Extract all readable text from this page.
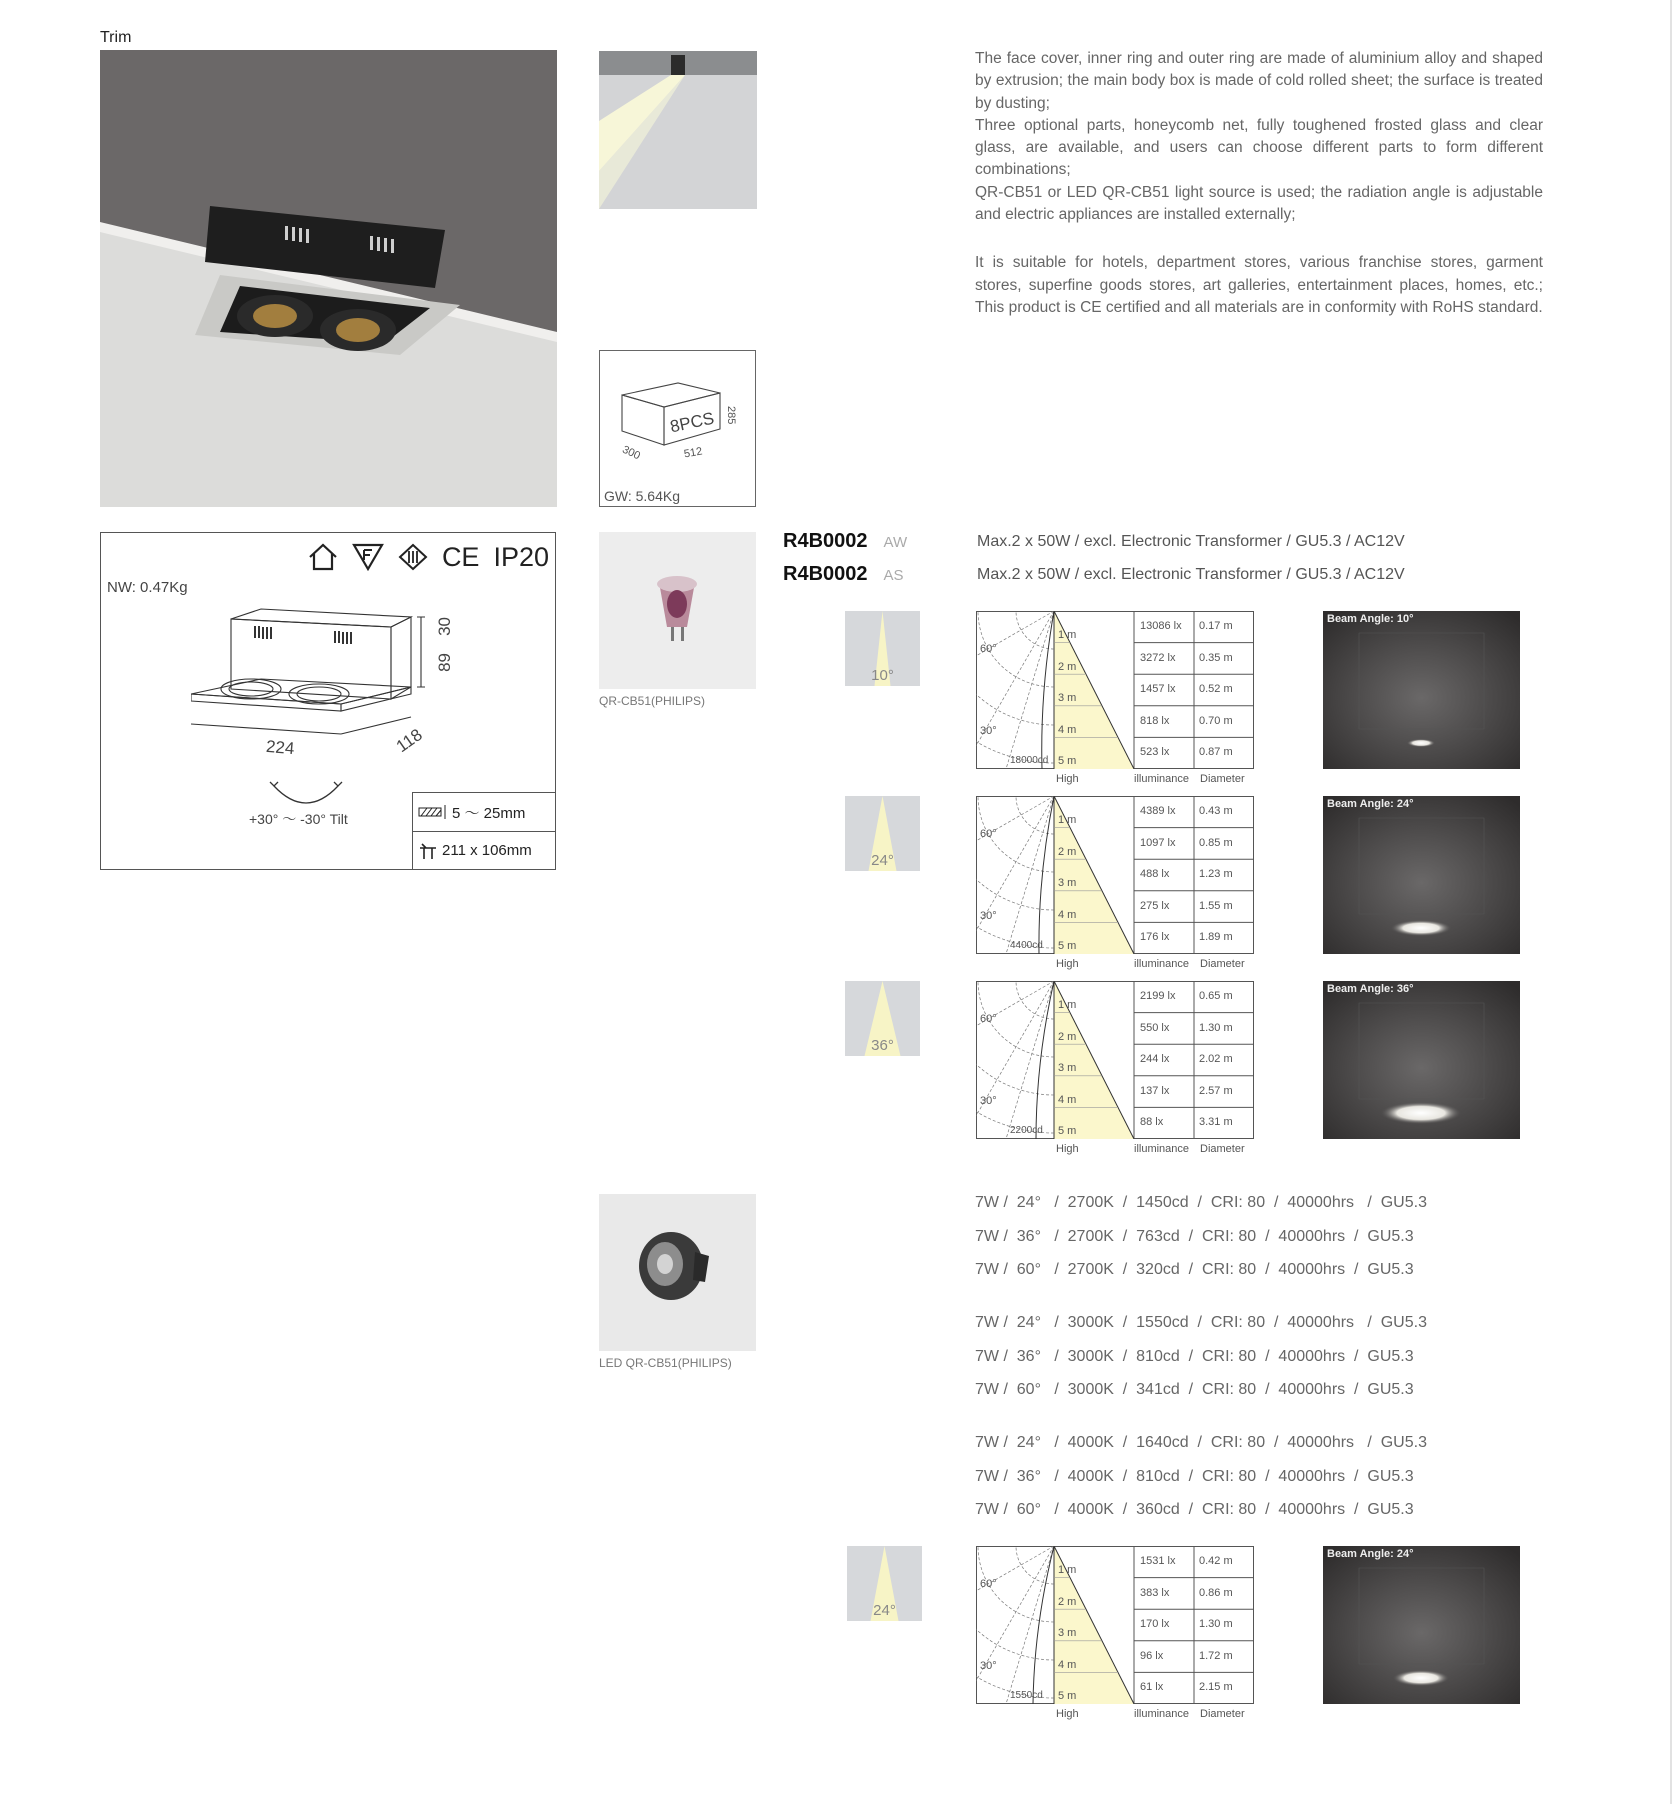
Trim
CE IP20
NW: 0.47Kg
30
89
224	118
+30° ～ -30° Tilt	5 ～ 25mm
211 x 106mm
8PCS
300	512
285
GW: 5.64Kg
QR-CB51(PHILIPS)
LED QR-CB51(PHILIPS)
R4B0002 AW	Max.2 x 50W / excl. Electronic Transformer / GU5.3 / AC12V
R4B0002 AS	Max.2 x 50W / excl. Electronic Transformer / GU5.3 / AC12V

The face cover, inner ring and outer ring are made of aluminium alloy and shaped by extrusion; the main body box is made of cold rolled sheet; the surface is treated by dusting;

Three optional parts, honeycomb net, fully toughened frosted glass and clear glass, are available, and users can choose different parts to form different combinations;

QR-CB51 or LED QR-CB51 light source is used; the radiation angle is adjustable and electric appliances are installed externally;

It is suitable for hotels, department stores, various franchise stores, garment stores, superfine goods stores, art galleries, entertainment places, homes, etc.; This product is CE certified and all materials are in conformity with RoHS standard.

10°
60°
30°
18000cd
1 m
13086 lx 0.17 m
2 m
3272 lx 0.35 m
3 m
1457 lx 0.52 m
4 m
818 lx	0.70 m
5 m
523 lx	0.87 m
High	illuminance Diameter
Beam Angle: 10°
24°
60°
30°
4400cd
1 m
4389 lx 0.43 m
2 m
1097 lx 0.85 m
3 m
488 lx	1.23 m
4 m
275 lx	1.55 m
5 m
176 lx	1.89 m
High	illuminance Diameter
Beam Angle: 24°
36°
60°
30°
2200cd
1 m
2199 lx 0.65 m
2 m
550 lx	1.30 m
3 m
244 lx	2.02 m
4 m
137 lx	2.57 m
5 m
88 lx	3.31 m
High	illuminance Diameter
Beam Angle: 36°
24°
60°
30°
1550cd
1 m
1531 lx 0.42 m
2 m
383 lx	0.86 m
3 m
170 lx	1.30 m
4 m
96 lx	1.72 m
5 m
61 lx	2.15 m
High	illuminance Diameter
Beam Angle: 24°
7W /  24°   /  2700K  /  1450cd  /  CRI: 80  /  40000hrs   /  GU5.3
7W /  36°   /  2700K  /  763cd  /  CRI: 80  /  40000hrs  /  GU5.3
7W /  60°   /  2700K  /  320cd  /  CRI: 80  /  40000hrs  /  GU5.3
7W /  24°   /  3000K  /  1550cd  /  CRI: 80  /  40000hrs   /  GU5.3
7W /  36°   /  3000K  /  810cd  /  CRI: 80  /  40000hrs  /  GU5.3
7W /  60°   /  3000K  /  341cd  /  CRI: 80  /  40000hrs  /  GU5.3
7W /  24°   /  4000K  /  1640cd  /  CRI: 80  /  40000hrs   /  GU5.3
7W /  36°   /  4000K  /  810cd  /  CRI: 80  /  40000hrs  /  GU5.3
7W /  60°   /  4000K  /  360cd  /  CRI: 80  /  40000hrs  /  GU5.3
